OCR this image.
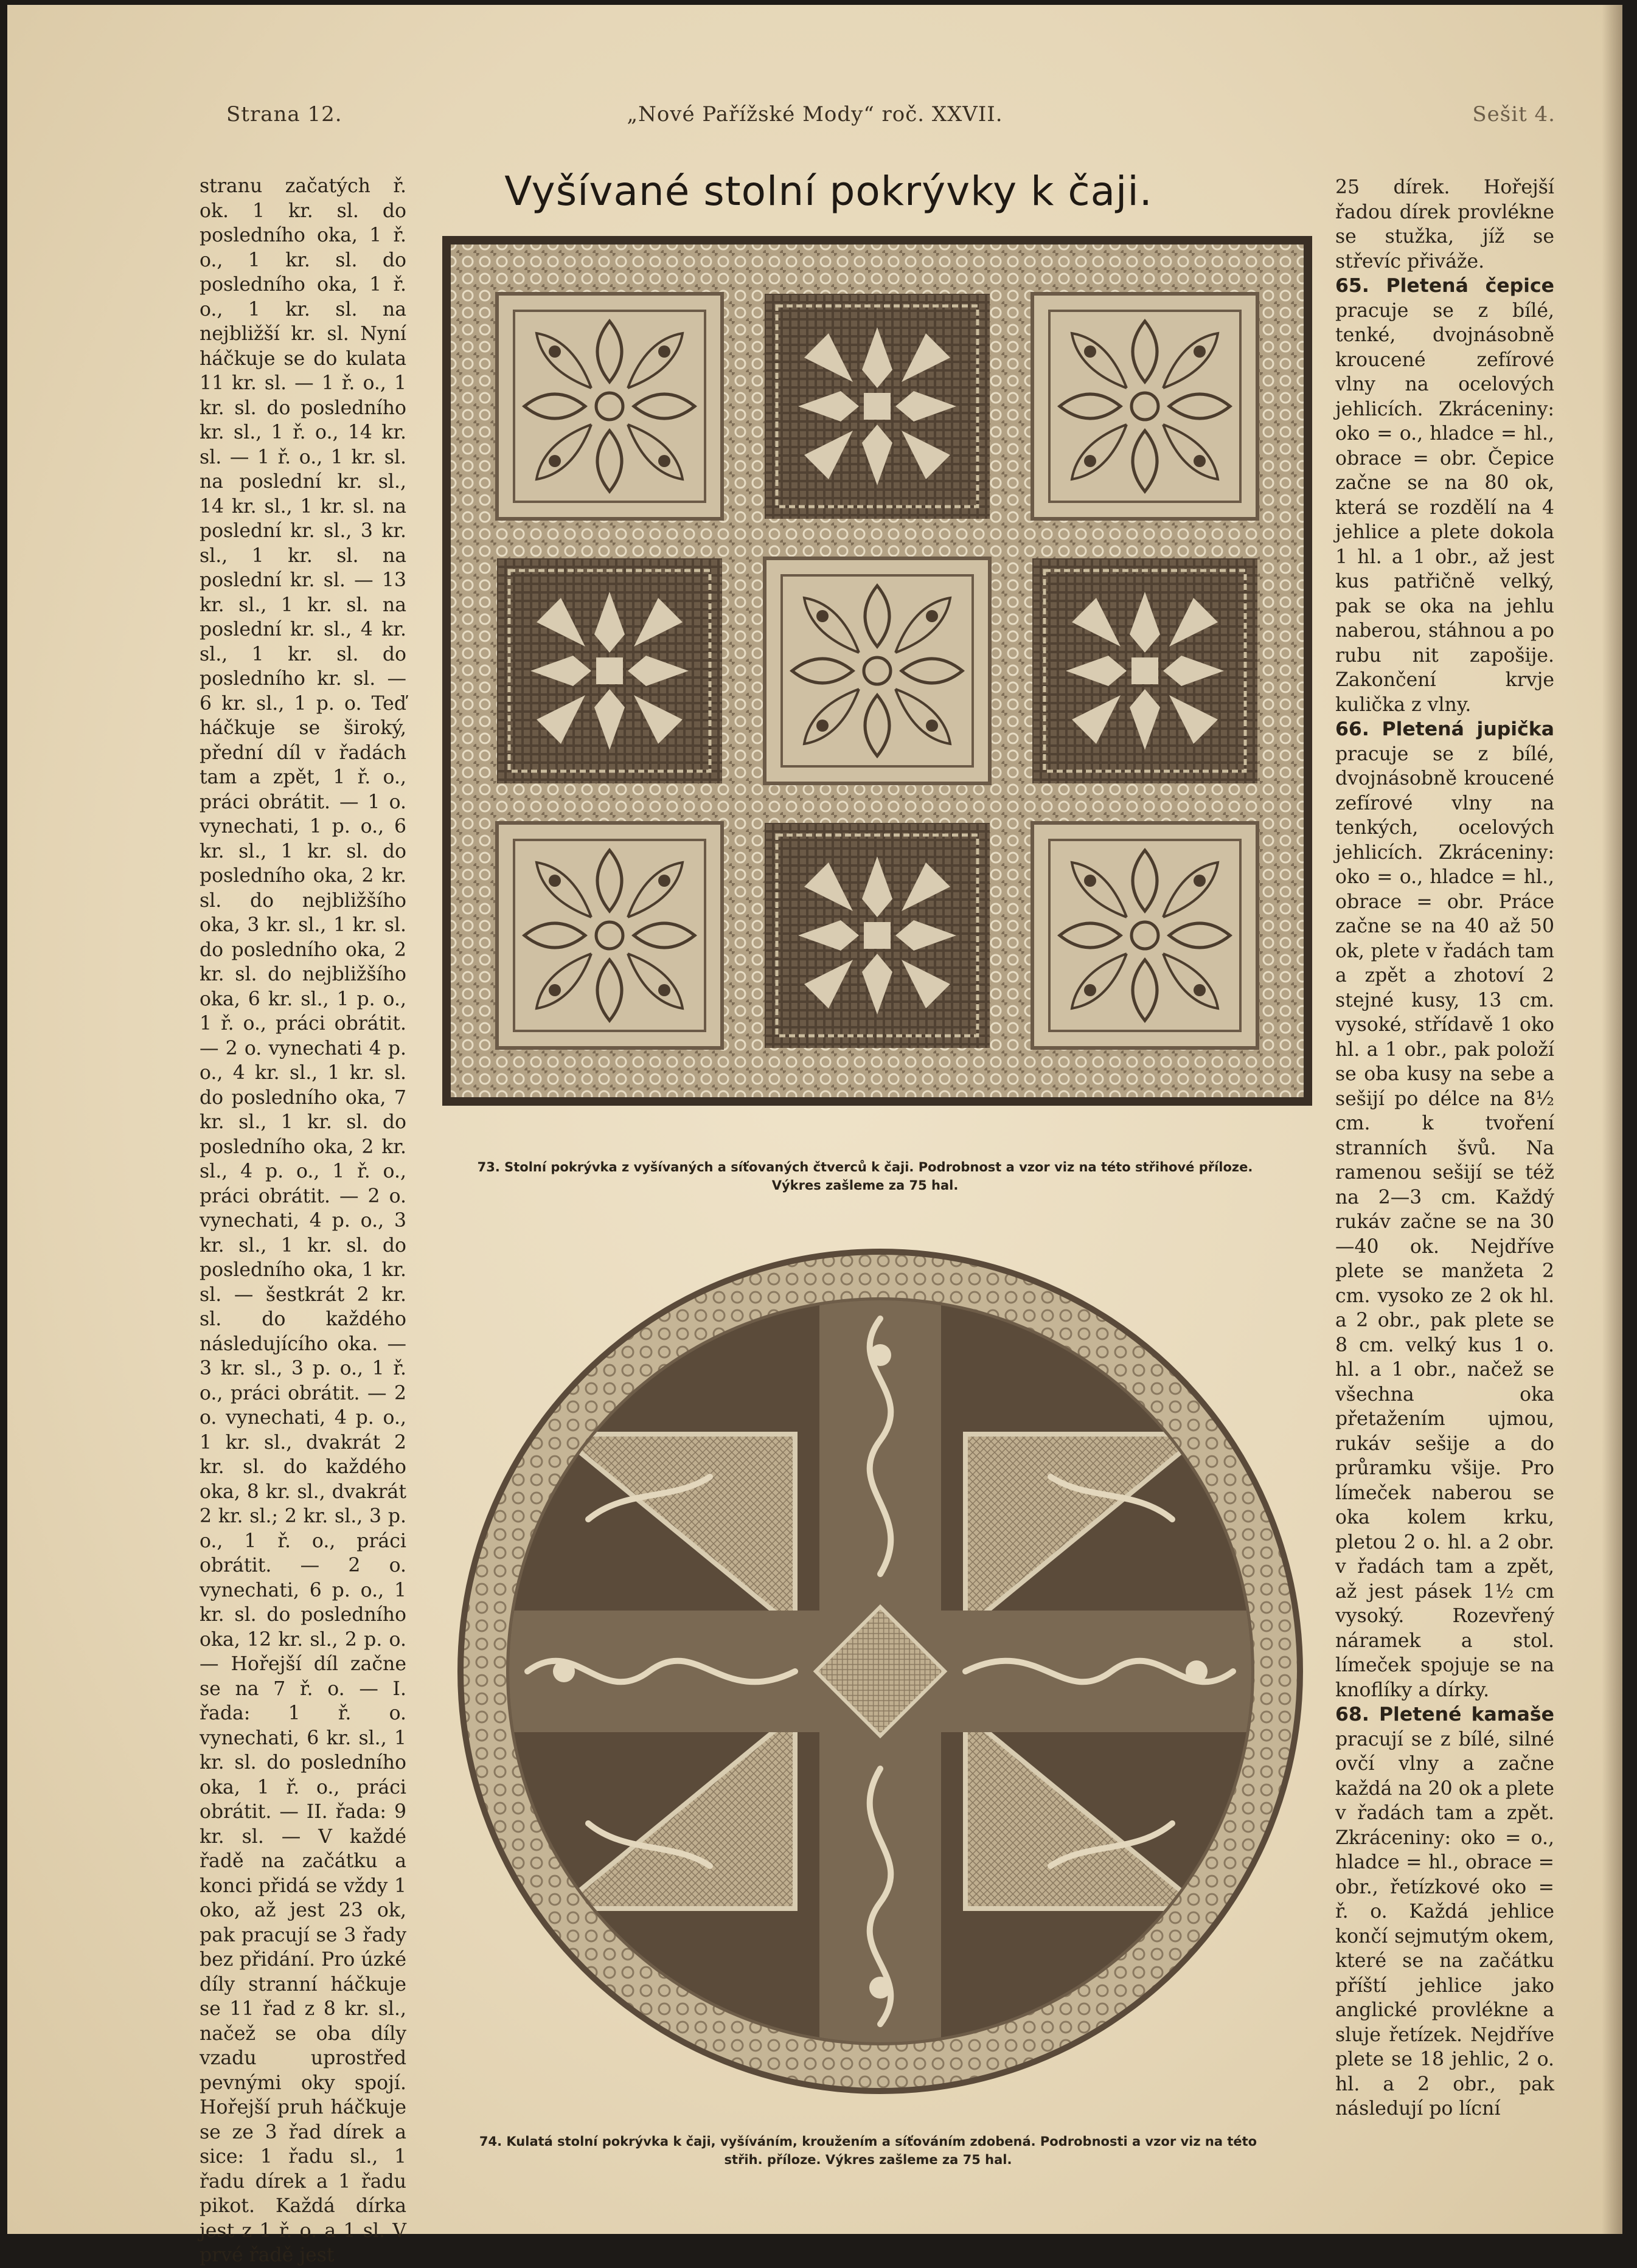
Strana 12.	„Nové Pařížské Mody“ roč. XXVII.	Sešit 4.
Vyšívané stolní pokrývky k čaji.

stranu začatých ř. ok. 1 kr. sl. do posledního oka, 1 ř. o., 1 kr. sl. do posledního oka, 1 ř. o., 1 kr. sl. na nejbližší kr. sl. Nyní háčkuje se do kulata 11 kr. sl. — 1 ř. o., 1 kr. sl. do posledního kr. sl., 1 ř. o., 14 kr. sl. — 1 ř. o., 1 kr. sl. na poslední kr. sl., 14 kr. sl., 1 kr. sl. na poslední kr. sl., 3 kr. sl., 1 kr. sl. na poslední kr. sl. — 13 kr. sl., 1 kr. sl. na poslední kr. sl., 4 kr. sl., 1 kr. sl. do posledního kr. sl. — 6 kr. sl., 1 p. o. Teď háčkuje se široký, přední díl v řadách tam a zpět, 1 ř. o., práci obrátit. — 1 o. vynechati, 1 p. o., 6 kr. sl., 1 kr. sl. do posledního oka, 2 kr. sl. do nejbližšího oka, 3 kr. sl., 1 kr. sl. do posledního oka, 2 kr. sl. do nejbližšího oka, 6 kr. sl., 1 p. o., 1 ř. o., práci obrátit. — 2 o. vynechati 4 p. o., 4 kr. sl., 1 kr. sl. do posledního oka, 7 kr. sl., 1 kr. sl. do posledního oka, 2 kr. sl., 4 p. o., 1 ř. o., práci obrátit. — 2 o. vynechati, 4 p. o., 3 kr. sl., 1 kr. sl. do posledního oka, 1 kr. sl. — šestkrát 2 kr. sl. do každého následujícího oka. — 3 kr. sl., 3 p. o., 1 ř. o., práci obrátit. — 2 o. vynechati, 4 p. o., 1 kr. sl., dvakrát 2 kr. sl. do každého oka, 8 kr. sl., dvakrát 2 kr. sl.; 2 kr. sl., 3 p. o., 1 ř. o., práci obrátit. — 2 o. vynechati, 6 p. o., 1 kr. sl. do posledního oka, 12 kr. sl., 2 p. o. — Hořejší díl začne se na 7 ř. o. — I. řada: 1 ř. o. vynechati, 6 kr. sl., 1 kr. sl. do posledního oka, 1 ř. o., práci obrátit. — II. řada: 9 kr. sl. — V každé řadě na začátku a konci přidá se vždy 1 oko, až jest 23 ok, pak pracují se 3 řady bez přidání. Pro úzké díly stranní háčkuje se 11 řad z 8 kr. sl., načež se oba díly vzadu uprostřed pevnými oky spojí. Hořejší pruh háčkuje se ze 3 řad dírek a sice: 1 řadu sl., 1 řadu dírek a 1 řadu pikot. Každá dírka jest z 1 ř. o. a 1 sl. V prvé řadě jest

25 dírek. Hořejší řadou dírek provlékne se stužka, jíž se střevíc přiváže.

65. Pletená čepice pracuje se z bílé, tenké, dvojnásobně kroucené zefírové vlny na ocelových jehlicích. Zkráceniny: oko = o., hladce = hl., obrace = obr. Čepice začne se na 80 ok, která se rozdělí na 4 jehlice a plete dokola 1 hl. a 1 obr., až jest kus patřičně velký, pak se oka na jehlu naberou, stáhnou a po rubu nit zapošije. Zakončení krvje kulička z vlny.

66. Pletená jupička pracuje se z bílé, dvojnásobně kroucené zefírové vlny na tenkých, ocelových jehlicích. Zkráceniny: oko = o., hladce = hl., obrace = obr. Práce začne se na 40 až 50 ok, plete v řadách tam a zpět a zhotoví 2 stejné kusy, 13 cm. vysoké, střídavě 1 oko hl. a 1 obr., pak položí se oba kusy na sebe a sešijí po délce na 8½ cm. k tvoření stranních švů. Na ramenou sešijí se též na 2—3 cm. Každý rukáv začne se na 30—40 ok. Nejdříve plete se manžeta 2 cm. vysoko ze 2 ok hl. a 2 obr., pak plete se 8 cm. velký kus 1 o. hl. a 1 obr., načež se všechna oka přetažením ujmou, rukáv sešije a do průramku všije. Pro límeček naberou se oka kolem krku, pletou 2 o. hl. a 2 obr. v řadách tam a zpět, až jest pásek 1½ cm vysoký. Rozevřený náramek a stol. límeček spojuje se na knoflíky a dírky.

68. Pletené kamaše pracují se z bílé, silné ovčí vlny a začne každá na 20 ok a plete v řadách tam a zpět. Zkráceniny: oko = o., hladce = hl., obrace = obr., řetízkové oko = ř. o. Každá jehlice končí sejmutým okem, které se na začátku příští jehlice jako anglické provlékne a sluje řetízek. Nejdříve plete se 18 jehlic, 2 o. hl. a 2 obr., pak následují po lícní

73. Stolní pokrývka z vyšívaných a síťovaných čtverců k čaji. Podrobnost a vzor viz na této střihové příloze.
Výkres zašleme za 75 hal.
74. Kulatá stolní pokrývka k čaji, vyšíváním, kroužením a síťováním zdobená. Podrobnosti a vzor viz na této
střih. příloze. Výkres zašleme za 75 hal.
